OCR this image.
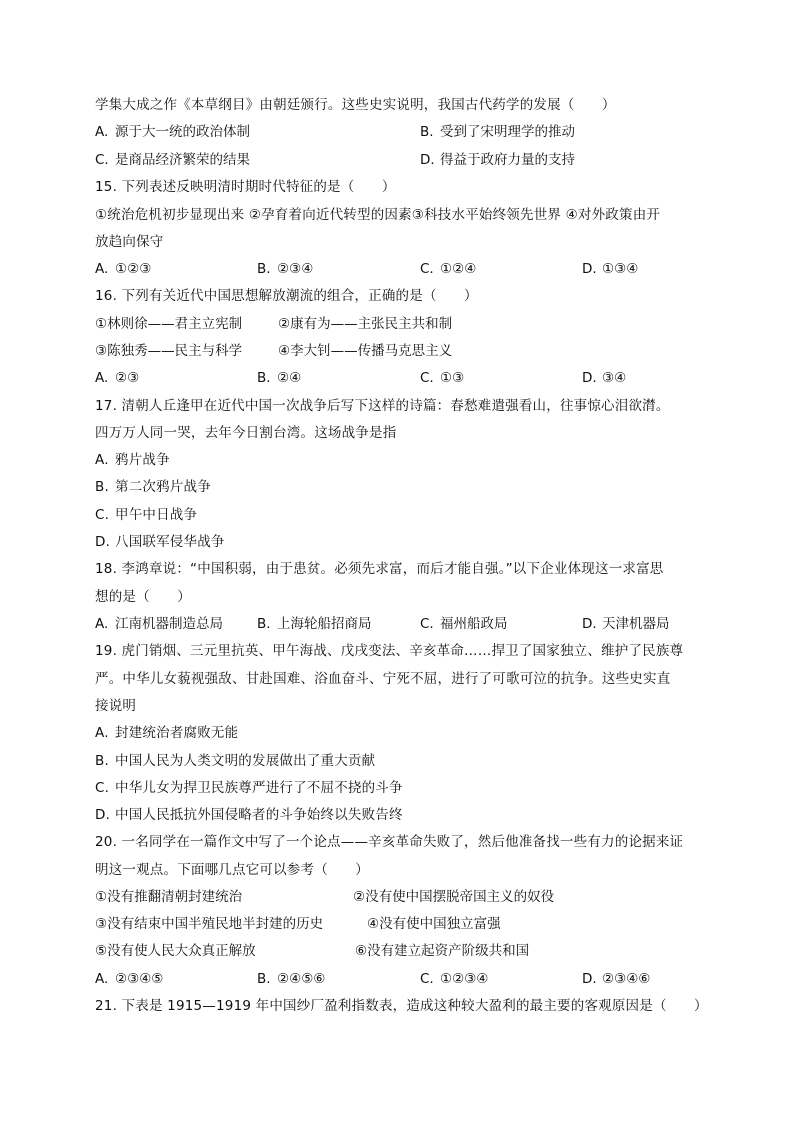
学集大成之作《本草纲目》由朝廷颁行。这些史实说明，我国古代药学的发展（　　）
A. 源于大一统的政治体制	B. 受到了宋明理学的推动
C. 是商品经济繁荣的结果	D. 得益于政府力量的支持
15. 下列表述反映明清时期时代特征的是（　　）
①统治危机初步显现出来 ②孕育着向近代转型的因素③科技水平始终领先世界 ④对外政策由开
放趋向保守
A. ①②③	B. ②③④	C. ①②④	D. ①③④
16. 下列有关近代中国思想解放潮流的组合，正确的是（　　）
①林则徐——君主立宪制	②康有为——主张民主共和制
③陈独秀——民主与科学	④李大钊——传播马克思主义
A. ②③	B. ②④	C. ①③	D. ③④
17. 清朝人丘逢甲在近代中国一次战争后写下这样的诗篇：春愁难遣强看山，往事惊心泪欲潸。
四万万人同一哭，去年今日割台湾。这场战争是指
A. 鸦片战争
B. 第二次鸦片战争
C. 甲午中日战争
D. 八国联军侵华战争
18. 李鸿章说：“中国积弱，由于患贫。必须先求富，而后才能自强。”以下企业体现这一求富思
想的是（　　）
A. 江南机器制造总局	B. 上海轮船招商局	C. 福州船政局	D. 天津机器局
19. 虎门销烟、三元里抗英、甲午海战、戊戌变法、辛亥革命……捍卫了国家独立、维护了民族尊
严。中华儿女藐视强敌、甘赴国难、浴血奋斗、宁死不屈，进行了可歌可泣的抗争。这些史实直
接说明
A. 封建统治者腐败无能
B. 中国人民为人类文明的发展做出了重大贡献
C. 中华儿女为捍卫民族尊严进行了不屈不挠的斗争
D. 中国人民抵抗外国侵略者的斗争始终以失败告终
20. 一名同学在一篇作文中写了一个论点——辛亥革命失败了，然后他准备找一些有力的论据来证
明这一观点。下面哪几点它可以参考（　　）
①没有推翻清朝封建统治	②没有使中国摆脱帝国主义的奴役
③没有结束中国半殖民地半封建的历史	④没有使中国独立富强
⑤没有使人民大众真正解放	⑥没有建立起资产阶级共和国
A. ②③④⑤	B. ②④⑤⑥	C. ①②③④	D. ②③④⑥
21. 下表是 1915—1919 年中国纱厂盈利指数表，造成这种较大盈利的最主要的客观原因是（　　）
